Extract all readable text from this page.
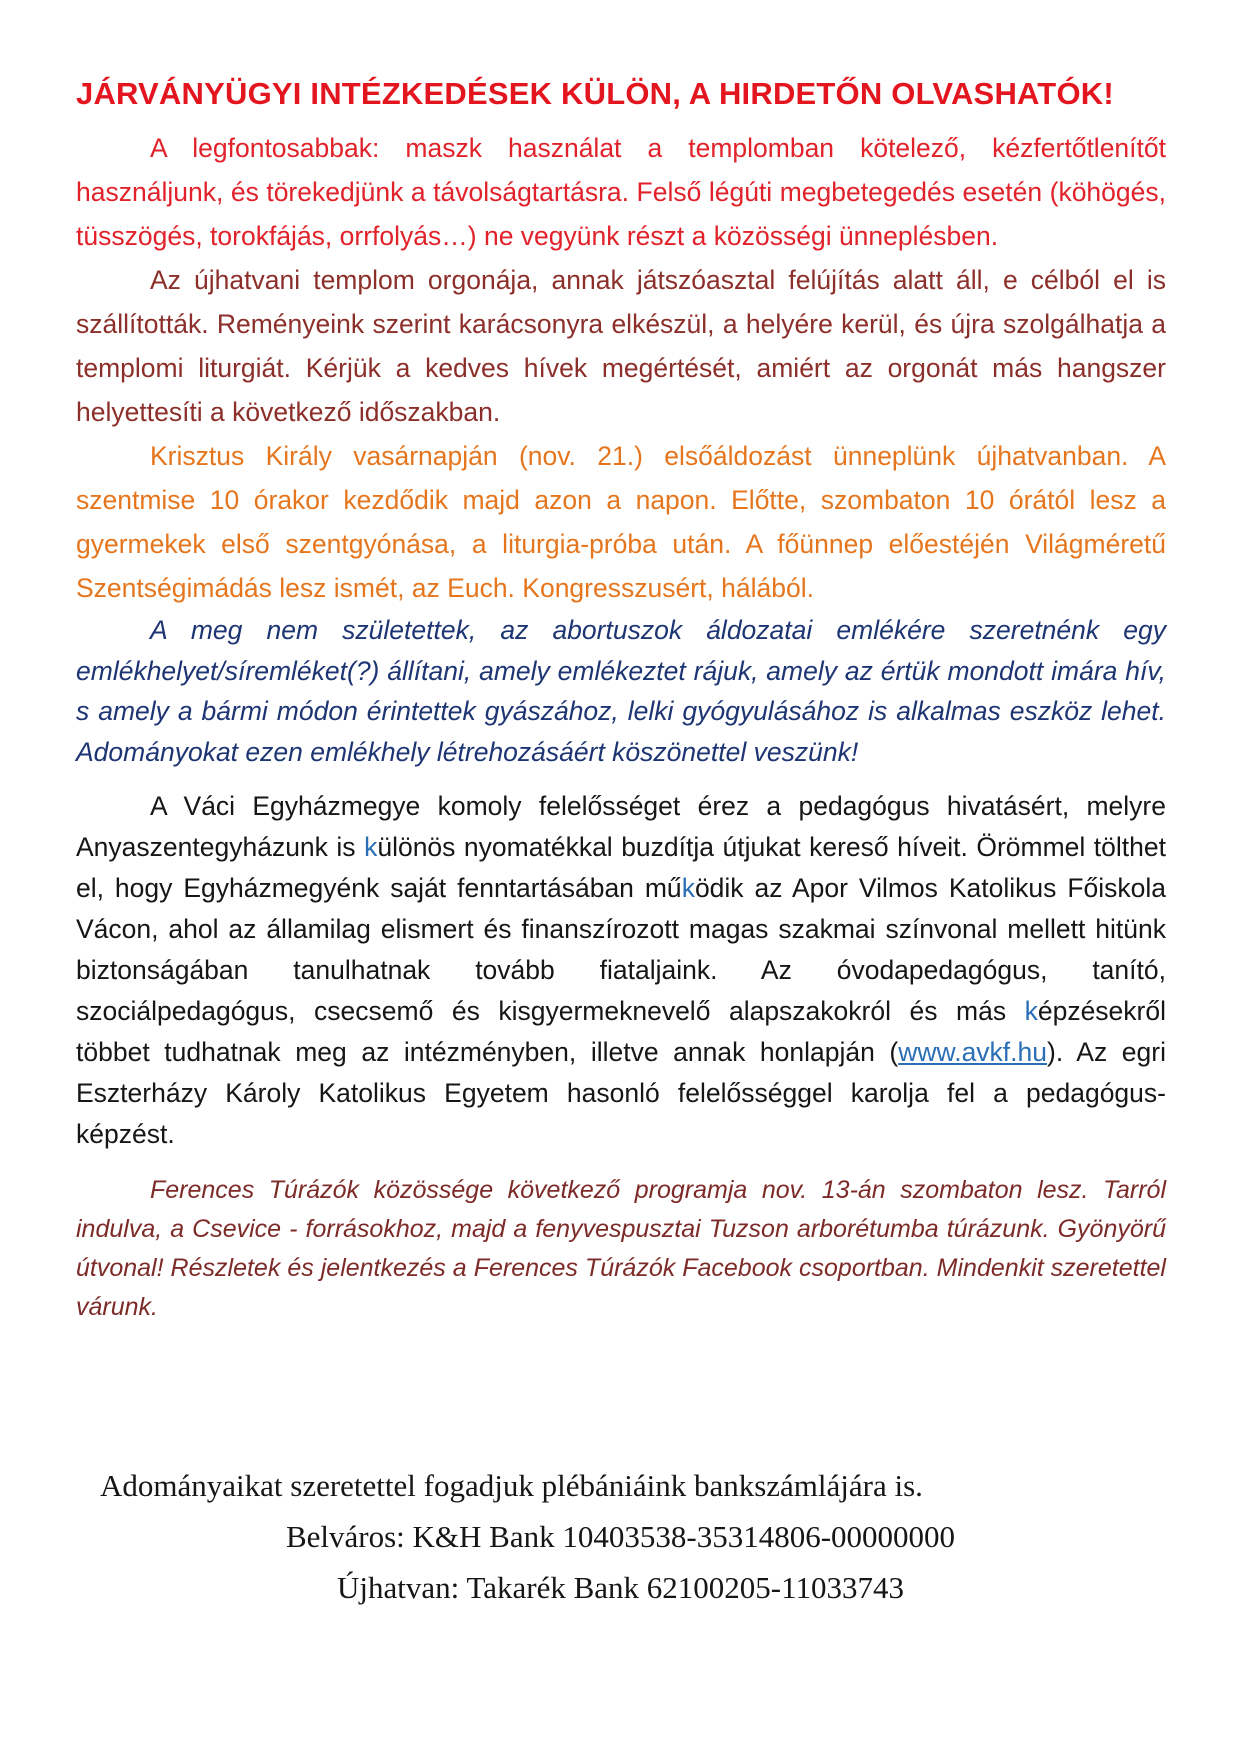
JÁRVÁNYÜGYI INTÉZKEDÉSEK KÜLÖN, A HIRDETŐN OLVASHATÓK!

A legfontosabbak: maszk használat a templomban kötelező, kézfertőtlenítőt használjunk, és törekedjünk a távolságtartásra. Felső légúti megbetegedés esetén (köhögés, tüsszögés, torokfájás, orrfolyás…) ne vegyünk részt a közösségi ünneplésben.

Az újhatvani templom orgonája, annak játszóasztal felújítás alatt áll, e célból el is szállították. Reményeink szerint karácsonyra elkészül, a helyére kerül, és újra szolgálhatja a templomi liturgiát. Kérjük a kedves hívek megértését, amiért az orgonát más hangszer helyettesíti a következő időszakban.

Krisztus Király vasárnapján (nov. 21.) elsőáldozást ünneplünk újhatvanban. A szentmise 10 órakor kezdődik majd azon a napon. Előtte, szombaton 10 órától lesz a gyermekek első szentgyónása, a liturgia-próba után. A főünnep előestéjén Világméretű Szentségimádás lesz ismét, az Euch. Kongresszusért, hálából.

A meg nem születettek, az abortuszok áldozatai emlékére szeretnénk egy emlékhelyet/síremléket(?) állítani, amely emlékeztet rájuk, amely az értük mondott imára hív, s amely a bármi módon érintettek gyászához, lelki gyógyulásához is alkalmas eszköz lehet. Adományokat ezen emlékhely létrehozásáért köszönettel veszünk!

A Váci Egyházmegye komoly felelősséget érez a pedagógus hivatásért, melyre Anyaszentegyházunk is különös nyomatékkal buzdítja útjukat kereső híveit. Örömmel tölthet el, hogy Egyházmegyénk saját fenntartásában működik az Apor Vilmos Katolikus Főiskola Vácon, ahol az államilag elismert és finanszírozott magas szakmai színvonal mellett hitünk biztonságában tanulhatnak tovább fiataljaink. Az óvodapedagógus, tanító, szociálpedagógus, csecsemő és kisgyermeknevelő alapszakokról és más képzésekről többet tudhatnak meg az intézményben, illetve annak honlapján (www.avkf.hu). Az egri Eszterházy Károly Katolikus Egyetem hasonló felelősséggel karolja fel a pedagógus-képzést.

Ferences Túrázók közössége következő programja nov. 13-án szombaton lesz. Tarról indulva, a Csevice - forrásokhoz, majd a fenyvespusztai Tuzson arborétumba túrázunk. Gyönyörű útvonal! Részletek és jelentkezés a Ferences Túrázók Facebook csoportban. Mindenkit szeretettel várunk.

Adományaikat szeretettel fogadjuk plébániáink bankszámlájára is.
Belváros: K&H Bank 10403538-35314806-00000000
Újhatvan: Takarék Bank 62100205-11033743
